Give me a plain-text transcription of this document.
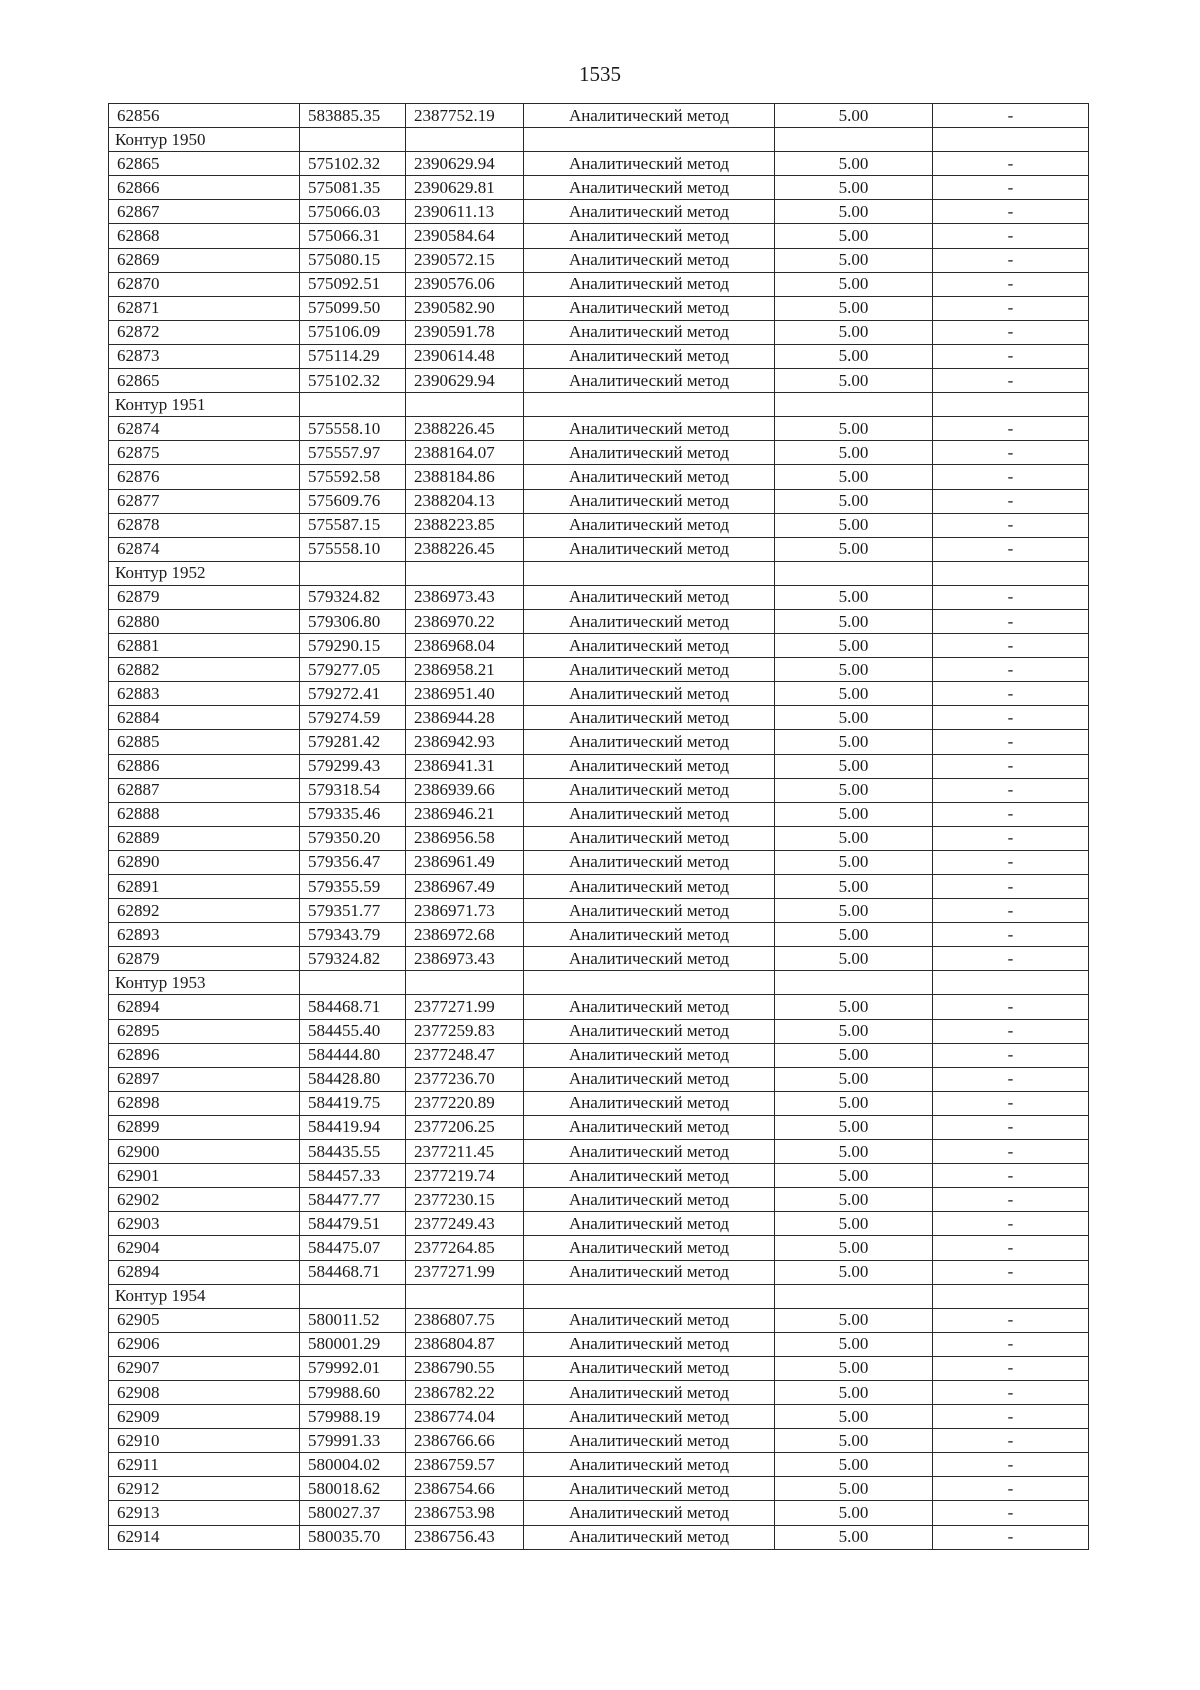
1535
62856	583885.35	2387752.19	Аналитический метод	5.00	-
Контур 1950					
62865	575102.32	2390629.94	Аналитический метод	5.00	-
62866	575081.35	2390629.81	Аналитический метод	5.00	-
62867	575066.03	2390611.13	Аналитический метод	5.00	-
62868	575066.31	2390584.64	Аналитический метод	5.00	-
62869	575080.15	2390572.15	Аналитический метод	5.00	-
62870	575092.51	2390576.06	Аналитический метод	5.00	-
62871	575099.50	2390582.90	Аналитический метод	5.00	-
62872	575106.09	2390591.78	Аналитический метод	5.00	-
62873	575114.29	2390614.48	Аналитический метод	5.00	-
62865	575102.32	2390629.94	Аналитический метод	5.00	-
Контур 1951					
62874	575558.10	2388226.45	Аналитический метод	5.00	-
62875	575557.97	2388164.07	Аналитический метод	5.00	-
62876	575592.58	2388184.86	Аналитический метод	5.00	-
62877	575609.76	2388204.13	Аналитический метод	5.00	-
62878	575587.15	2388223.85	Аналитический метод	5.00	-
62874	575558.10	2388226.45	Аналитический метод	5.00	-
Контур 1952					
62879	579324.82	2386973.43	Аналитический метод	5.00	-
62880	579306.80	2386970.22	Аналитический метод	5.00	-
62881	579290.15	2386968.04	Аналитический метод	5.00	-
62882	579277.05	2386958.21	Аналитический метод	5.00	-
62883	579272.41	2386951.40	Аналитический метод	5.00	-
62884	579274.59	2386944.28	Аналитический метод	5.00	-
62885	579281.42	2386942.93	Аналитический метод	5.00	-
62886	579299.43	2386941.31	Аналитический метод	5.00	-
62887	579318.54	2386939.66	Аналитический метод	5.00	-
62888	579335.46	2386946.21	Аналитический метод	5.00	-
62889	579350.20	2386956.58	Аналитический метод	5.00	-
62890	579356.47	2386961.49	Аналитический метод	5.00	-
62891	579355.59	2386967.49	Аналитический метод	5.00	-
62892	579351.77	2386971.73	Аналитический метод	5.00	-
62893	579343.79	2386972.68	Аналитический метод	5.00	-
62879	579324.82	2386973.43	Аналитический метод	5.00	-
Контур 1953					
62894	584468.71	2377271.99	Аналитический метод	5.00	-
62895	584455.40	2377259.83	Аналитический метод	5.00	-
62896	584444.80	2377248.47	Аналитический метод	5.00	-
62897	584428.80	2377236.70	Аналитический метод	5.00	-
62898	584419.75	2377220.89	Аналитический метод	5.00	-
62899	584419.94	2377206.25	Аналитический метод	5.00	-
62900	584435.55	2377211.45	Аналитический метод	5.00	-
62901	584457.33	2377219.74	Аналитический метод	5.00	-
62902	584477.77	2377230.15	Аналитический метод	5.00	-
62903	584479.51	2377249.43	Аналитический метод	5.00	-
62904	584475.07	2377264.85	Аналитический метод	5.00	-
62894	584468.71	2377271.99	Аналитический метод	5.00	-
Контур 1954					
62905	580011.52	2386807.75	Аналитический метод	5.00	-
62906	580001.29	2386804.87	Аналитический метод	5.00	-
62907	579992.01	2386790.55	Аналитический метод	5.00	-
62908	579988.60	2386782.22	Аналитический метод	5.00	-
62909	579988.19	2386774.04	Аналитический метод	5.00	-
62910	579991.33	2386766.66	Аналитический метод	5.00	-
62911	580004.02	2386759.57	Аналитический метод	5.00	-
62912	580018.62	2386754.66	Аналитический метод	5.00	-
62913	580027.37	2386753.98	Аналитический метод	5.00	-
62914	580035.70	2386756.43	Аналитический метод	5.00	-
